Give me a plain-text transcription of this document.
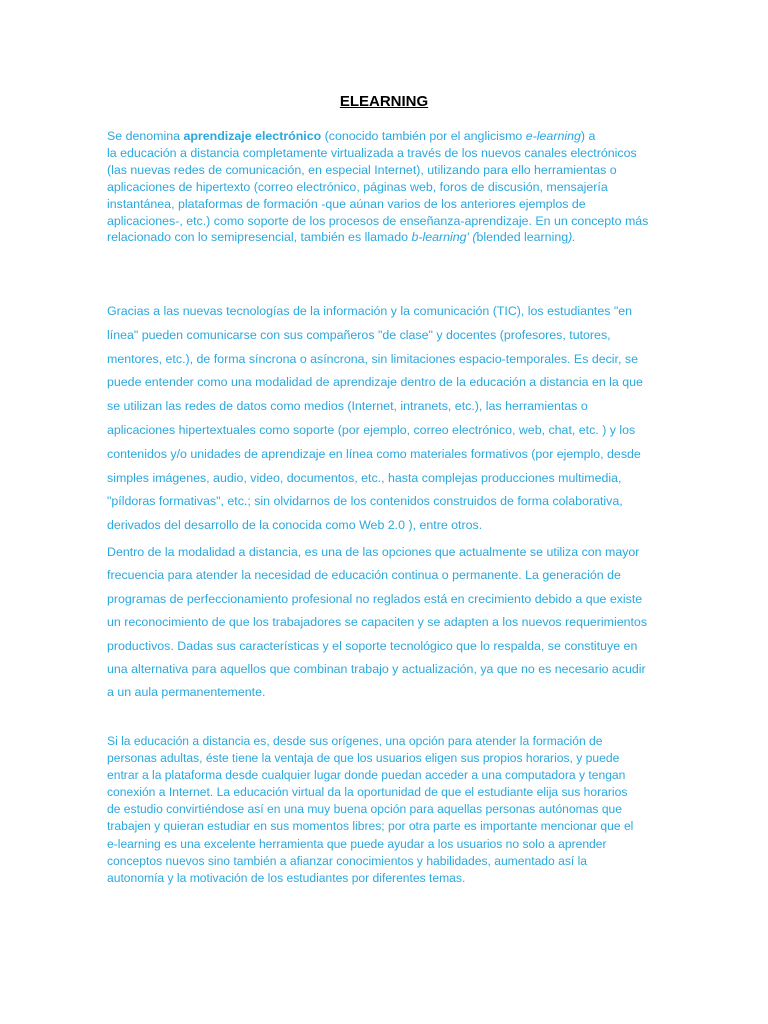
ELEARNING

Se denomina aprendizaje electrónico (conocido también por el anglicismo e-learning) a
la educación a distancia completamente virtualizada a través de los nuevos canales electrónicos
(las nuevas redes de comunicación, en especial Internet), utilizando para ello herramientas o
aplicaciones de hipertexto (correo electrónico, páginas web, foros de discusión, mensajería
instantánea, plataformas de formación -que aúnan varios de los anteriores ejemplos de
aplicaciones-, etc.) como soporte de los procesos de enseñanza-aprendizaje. En un concepto más
relacionado con lo semipresencial, también es llamado b-learning' (blended learning).

Gracias a las nuevas tecnologías de la información y la comunicación (TIC), los estudiantes "en
línea" pueden comunicarse con sus compañeros "de clase" y docentes (profesores, tutores,
mentores, etc.), de forma síncrona o asíncrona, sin limitaciones espacio-temporales. Es decir, se
puede entender como una modalidad de aprendizaje dentro de la educación a distancia en la que
se utilizan las redes de datos como medios (Internet, intranets, etc.), las herramientas o
aplicaciones hipertextuales como soporte (por ejemplo, correo electrónico, web, chat, etc. ) y los
contenidos y/o unidades de aprendizaje en línea como materiales formativos (por ejemplo, desde
simples imágenes, audio, video, documentos, etc., hasta complejas producciones multimedia,
"píldoras formativas", etc.; sin olvidarnos de los contenidos construidos de forma colaborativa,
derivados del desarrollo de la conocida como Web 2.0 ), entre otros.

Dentro de la modalidad a distancia, es una de las opciones que actualmente se utiliza con mayor
frecuencia para atender la necesidad de educación continua o permanente. La generación de
programas de perfeccionamiento profesional no reglados está en crecimiento debido a que existe
un reconocimiento de que los trabajadores se capaciten y se adapten a los nuevos requerimientos
productivos. Dadas sus características y el soporte tecnológico que lo respalda, se constituye en
una alternativa para aquellos que combinan trabajo y actualización, ya que no es necesario acudir
a un aula permanentemente.

Si la educación a distancia es, desde sus orígenes, una opción para atender la formación de
personas adultas, éste tiene la ventaja de que los usuarios eligen sus propios horarios, y puede
entrar a la plataforma desde cualquier lugar donde puedan acceder a una computadora y tengan
conexión a Internet. La educación virtual da la oportunidad de que el estudiante elija sus horarios
de estudio convirtiéndose así en una muy buena opción para aquellas personas autónomas que
trabajen y quieran estudiar en sus momentos libres; por otra parte es importante mencionar que el
e-learning es una excelente herramienta que puede ayudar a los usuarios no solo a aprender
conceptos nuevos sino también a afianzar conocimientos y habilidades, aumentado así la
autonomía y la motivación de los estudiantes por diferentes temas.
